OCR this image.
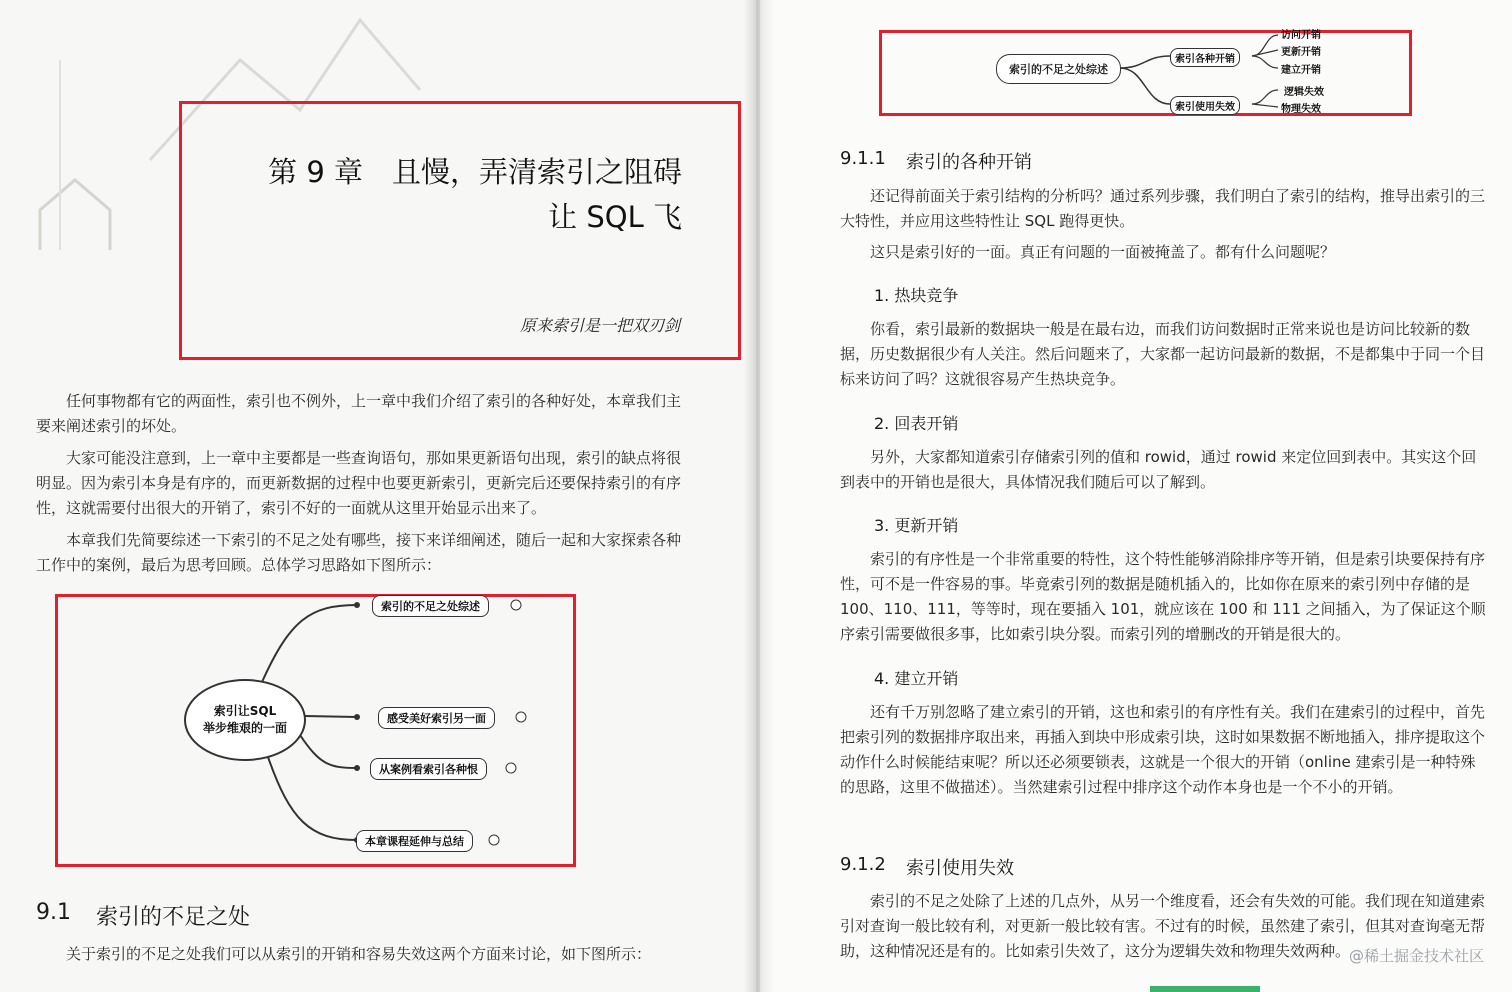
第 9 章　且慢，弄清索引之阻碍
让 SQL 飞
原来索引是一把双刃剑

任何事物都有它的两面性，索引也不例外，上一章中我们介绍了索引的各种好处，本章我们主要来阐述索引的坏处。

大家可能没注意到，上一章中主要都是一些查询语句，那如果更新语句出现，索引的缺点将很明显。因为索引本身是有序的，而更新数据的过程中也要更新索引，更新完后还要保持索引的有序性，这就需要付出很大的开销了，索引不好的一面就从这里开始显示出来了。

本章我们先简要综述一下索引的不足之处有哪些，接下来详细阐述，随后一起和大家探索各种工作中的案例，最后为思考回顾。总体学习思路如下图所示：

索引让SQL
举步维艰的一面
索引的不足之处综述
感受美好索引另一面
从案例看索引各种恨
本章课程延伸与总结
9.1 索引的不足之处

关于索引的不足之处我们可以从索引的开销和容易失效这两个方面来讨论，如下图所示：

索引的不足之处综述
索引各种开销
索引使用失效
访问开销
更新开销
建立开销
逻辑失效
物理失效
9.1.1 索引的各种开销

还记得前面关于索引结构的分析吗？通过系列步骤，我们明白了索引的结构，推导出索引的三大特性，并应用这些特性让 SQL 跑得更快。

这只是索引好的一面。真正有问题的一面被掩盖了。都有什么问题呢？

1. 热块竞争

你看，索引最新的数据块一般是在最右边，而我们访问数据时正常来说也是访问比较新的数据，历史数据很少有人关注。然后问题来了，大家都一起访问最新的数据，不是都集中于同一个目标来访问了吗？这就很容易产生热块竞争。

2. 回表开销

另外，大家都知道索引存储索引列的值和 rowid，通过 rowid 来定位回到表中。其实这个回到表中的开销也是很大，具体情况我们随后可以了解到。

3. 更新开销

索引的有序性是一个非常重要的特性，这个特性能够消除排序等开销，但是索引块要保持有序性，可不是一件容易的事。毕竟索引列的数据是随机插入的，比如你在原来的索引列中存储的是 100、110、111，等等时，现在要插入 101，就应该在 100 和 111 之间插入，为了保证这个顺序索引需要做很多事，比如索引块分裂。而索引列的增删改的开销是很大的。

4. 建立开销

还有千万别忽略了建立索引的开销，这也和索引的有序性有关。我们在建索引的过程中，首先把索引列的数据排序取出来，再插入到块中形成索引块，这时如果数据不断地插入，排序提取这个动作什么时候能结束呢？所以还必须要锁表，这就是一个很大的开销（online 建索引是一种特殊的思路，这里不做描述）。当然建索引过程中排序这个动作本身也是一个不小的开销。

9.1.2 索引使用失效

索引的不足之处除了上述的几点外，从另一个维度看，还会有失效的可能。我们现在知道建索引对查询一般比较有利，对更新一般比较有害。不过有的时候，虽然建了索引，但其对查询毫无帮助，这种情况还是有的。比如索引失效了，这分为逻辑失效和物理失效两种。

@稀土掘金技术社区
